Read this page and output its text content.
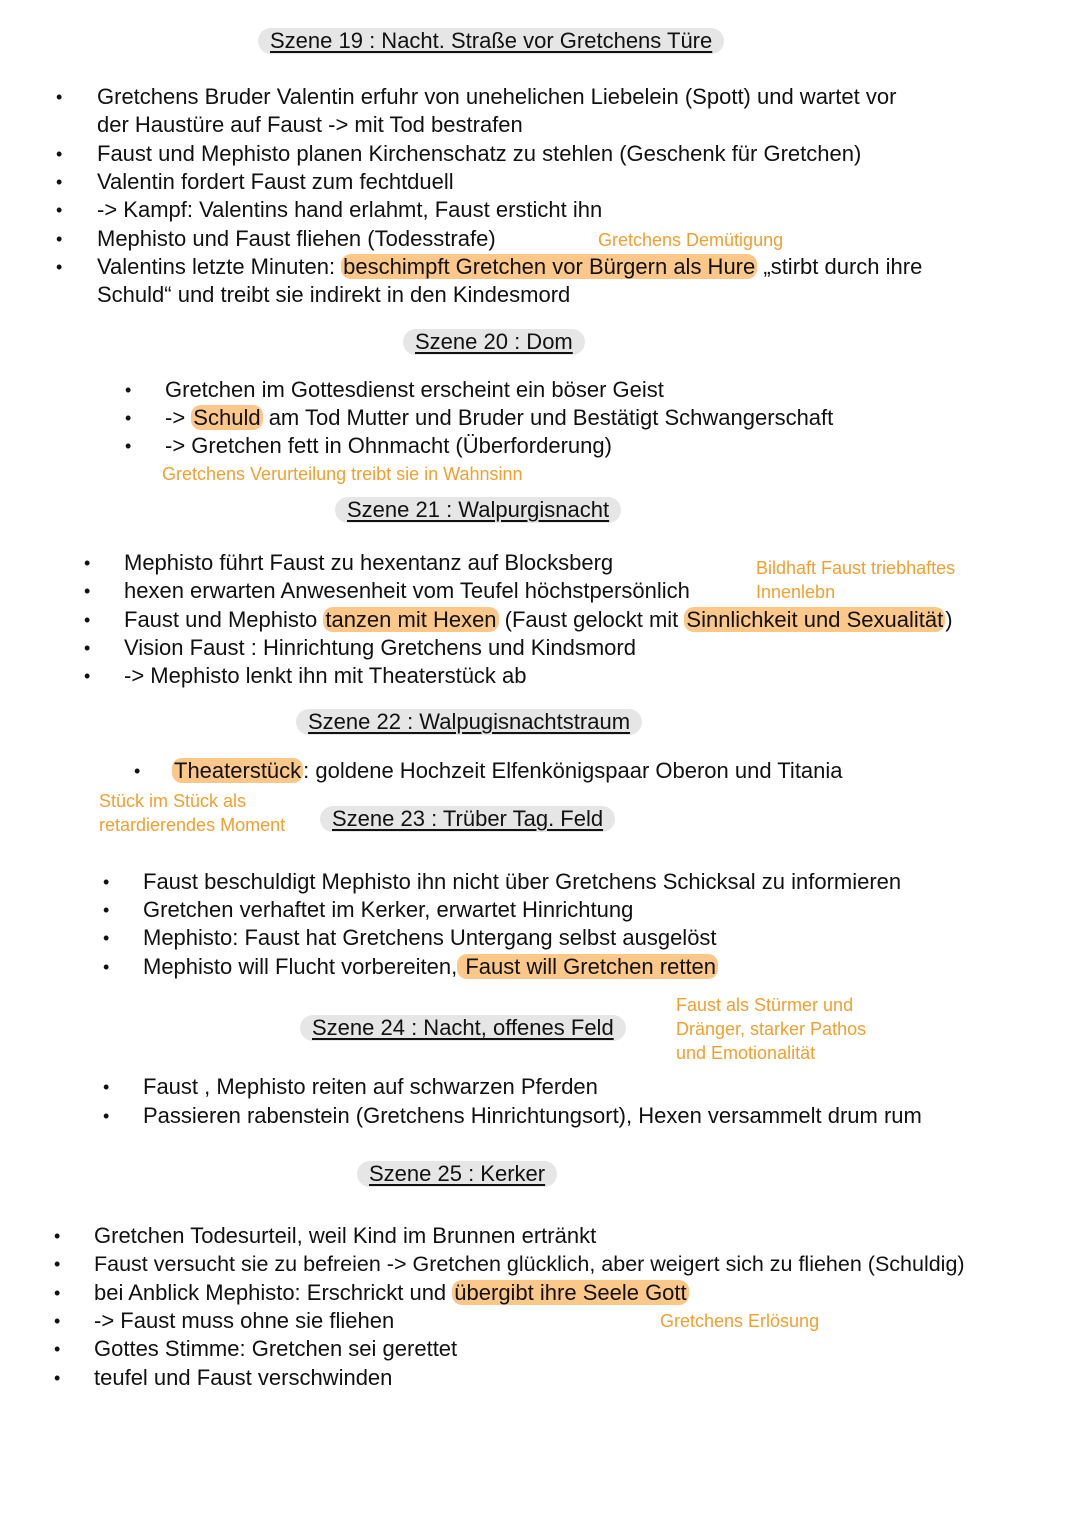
Szene 19 : Nacht. Straße vor Gretchens Türe
• Gretchens Bruder Valentin erfuhr von unehelichen Liebelein (Spott) und wartet vor
der Haustüre auf Faust -> mit Tod bestrafen
• Faust und Mephisto planen Kirchenschatz zu stehlen (Geschenk für Gretchen)
• Valentin fordert Faust zum fechtduell
• -> Kampf: Valentins hand erlahmt, Faust ersticht ihn
• Mephisto und Faust fliehen (Todesstrafe)	Gretchens Demütigung
• Valentins letzte Minuten: beschimpft Gretchen vor Bürgern als Hure „stirbt durch ihre
Schuld“ und treibt sie indirekt in den Kindesmord
Szene 20 : Dom
• Gretchen im Gottesdienst erscheint ein böser Geist
• -> Schuld am Tod Mutter und Bruder und Bestätigt Schwangerschaft
• -> Gretchen fett in Ohnmacht (Überforderung)
Gretchens Verurteilung treibt sie in Wahnsinn
Szene 21 : Walpurgisnacht
• Mephisto führt Faust zu hexentanz auf Blocksberg	Bildhaft Faust triebhaftes
Innenlebn
• hexen erwarten Anwesenheit vom Teufel höchstpersönlich
• Faust und Mephisto tanzen mit Hexen (Faust gelockt mit Sinnlichkeit und Sexualität)
• Vision Faust : Hinrichtung Gretchens und Kindsmord
• -> Mephisto lenkt ihn mit Theaterstück ab
Szene 22 : Walpugisnachtstraum
• Theaterstück: goldene Hochzeit Elfenkönigspaar Oberon und Titania
Stück im Stück als
retardierendes Moment	Szene 23 : Trüber Tag. Feld
• Faust beschuldigt Mephisto ihn nicht über Gretchens Schicksal zu informieren
• Gretchen verhaftet im Kerker, erwartet Hinrichtung
• Mephisto: Faust hat Gretchens Untergang selbst ausgelöst
• Mephisto will Flucht vorbereiten, Faust will Gretchen retten
Faust als Stürmer und
Dränger, starker Pathos
und Emotionalität
Szene 24 : Nacht, offenes Feld
• Faust , Mephisto reiten auf schwarzen Pferden
• Passieren rabenstein (Gretchens Hinrichtungsort), Hexen versammelt drum rum
Szene 25 : Kerker
• Gretchen Todesurteil, weil Kind im Brunnen ertränkt
• Faust versucht sie zu befreien -> Gretchen glücklich, aber weigert sich zu fliehen (Schuldig)
• bei Anblick Mephisto: Erschrickt und übergibt ihre Seele Gott
• -> Faust muss ohne sie fliehen	Gretchens Erlösung
• Gottes Stimme: Gretchen sei gerettet
• teufel und Faust verschwinden
